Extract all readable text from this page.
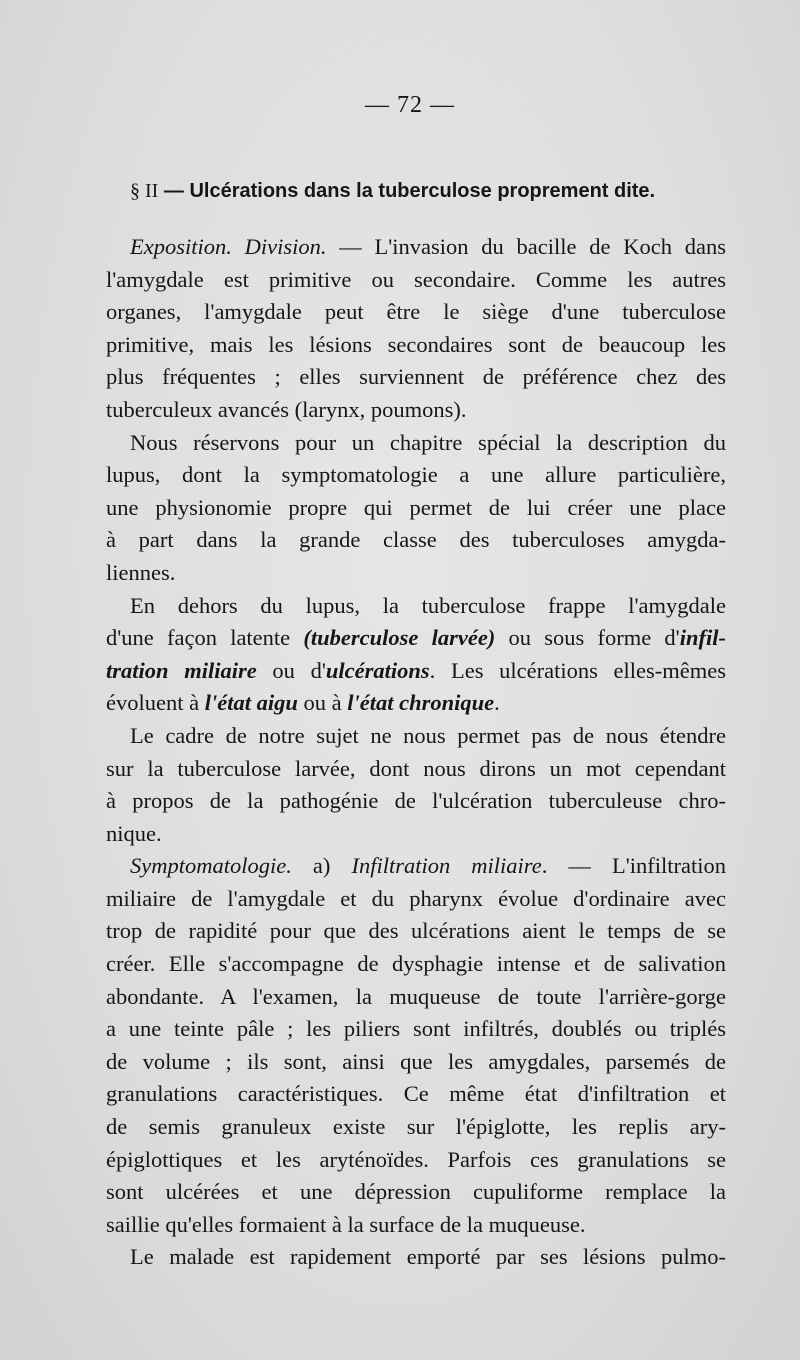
— 72 —
§ II — Ulcérations dans la tuberculose proprement dite.
Exposition. Division. — L'invasion du bacille de Koch dans
l'amygdale est primitive ou secondaire. Comme les autres
organes, l'amygdale peut être le siège d'une tuberculose
primitive, mais les lésions secondaires sont de beaucoup les
plus fréquentes ; elles surviennent de préférence chez des
tuberculeux avancés (larynx, poumons).
Nous réservons pour un chapitre spécial la description du
lupus, dont la symptomatologie a une allure particulière,
une physionomie propre qui permet de lui créer une place
à part dans la grande classe des tuberculoses amygda-
liennes.
En dehors du lupus, la tuberculose frappe l'amygdale
d'une façon latente (tuberculose larvée) ou sous forme d'infil-
tration miliaire ou d'ulcérations. Les ulcérations elles-mêmes
évoluent à l'état aigu ou à l'état chronique.
Le cadre de notre sujet ne nous permet pas de nous étendre
sur la tuberculose larvée, dont nous dirons un mot cependant
à propos de la pathogénie de l'ulcération tuberculeuse chro-
nique.
Symptomatologie. a) Infiltration miliaire. — L'infiltration
miliaire de l'amygdale et du pharynx évolue d'ordinaire avec
trop de rapidité pour que des ulcérations aient le temps de se
créer. Elle s'accompagne de dysphagie intense et de salivation
abondante. A l'examen, la muqueuse de toute l'arrière-gorge
a une teinte pâle ; les piliers sont infiltrés, doublés ou triplés
de volume ; ils sont, ainsi que les amygdales, parsemés de
granulations caractéristiques. Ce même état d'infiltration et
de semis granuleux existe sur l'épiglotte, les replis ary-
épiglottiques et les aryténoïdes. Parfois ces granulations se
sont ulcérées et une dépression cupuliforme remplace la
saillie qu'elles formaient à la surface de la muqueuse.
Le malade est rapidement emporté par ses lésions pulmo-
